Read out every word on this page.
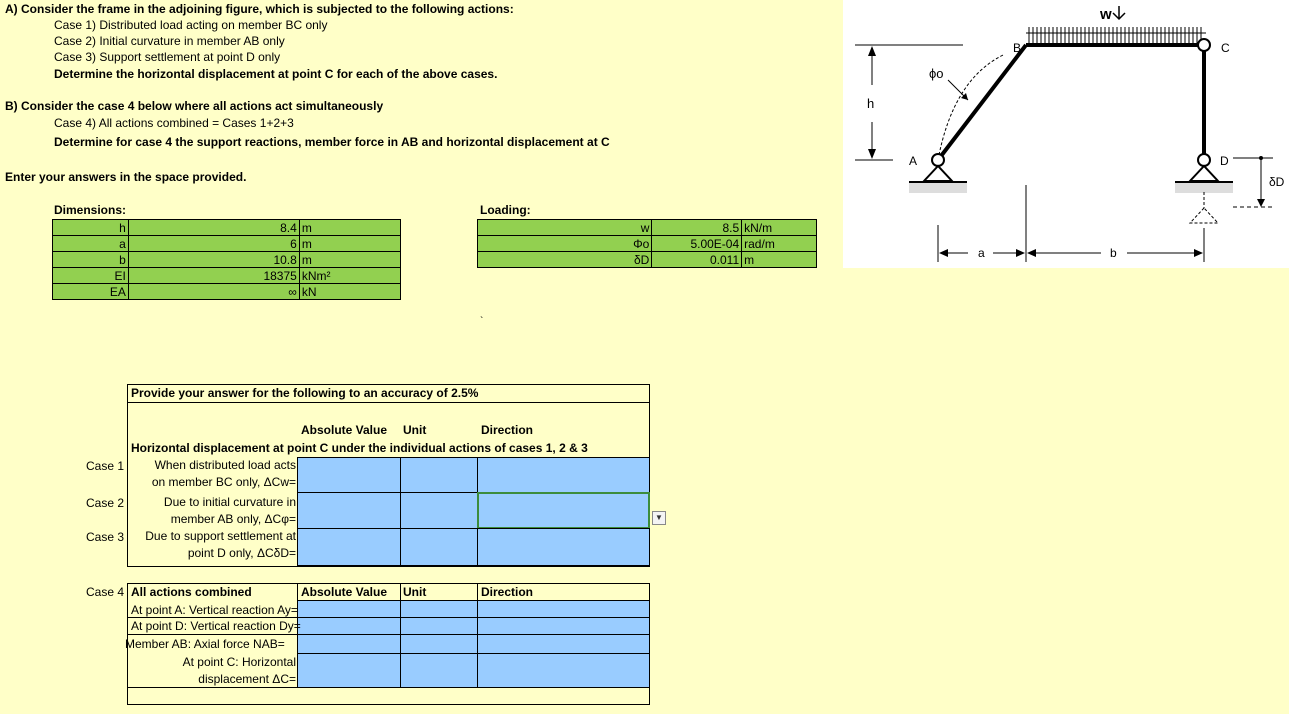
A) Consider the frame in the adjoining figure, which is subjected to the following actions:
Case 1) Distributed load acting on member BC only
Case 2) Initial curvature in member AB only
Case 3) Support settlement at point D only
Determine the horizontal displacement at point C for each of the above cases.
B) Consider the case 4 below where all actions act simultaneously
Case 4) All actions combined = Cases 1+2+3
Determine for case 4 the support reactions, member force in AB and horizontal displacement at C
Enter your answers in the space provided.
Dimensions:
h	8.4	m
a	6	m
b	10.8	m
EI	18375	kNm²
EA	∞	kN
Loading:
w	8.5	kN/m
Φo	5.00E-04	rad/m
δD	0.011	m
Provide your answer for the following to an accuracy of 2.5%
Absolute Value Unit	Direction
Horizontal displacement at point C under the individual actions of cases 1, 2 & 3
Case 1	When distributed load acts
on member BC only, ΔCw=
Case 2	Due to initial curvature in
member AB only, ΔCφ=	▼
Case 3	Due to support settlement at
point D only, ΔCδD=
Case 4 All actions combined	Absolute Value Unit	Direction
At point A: Vertical reaction Ay=
At point D: Vertical reaction Dy=
Member AB: Axial force NAB=
At point C: Horizontal
displacement ΔC=
w
ϕo
B	C
A	D
δD
h
a	b
`
